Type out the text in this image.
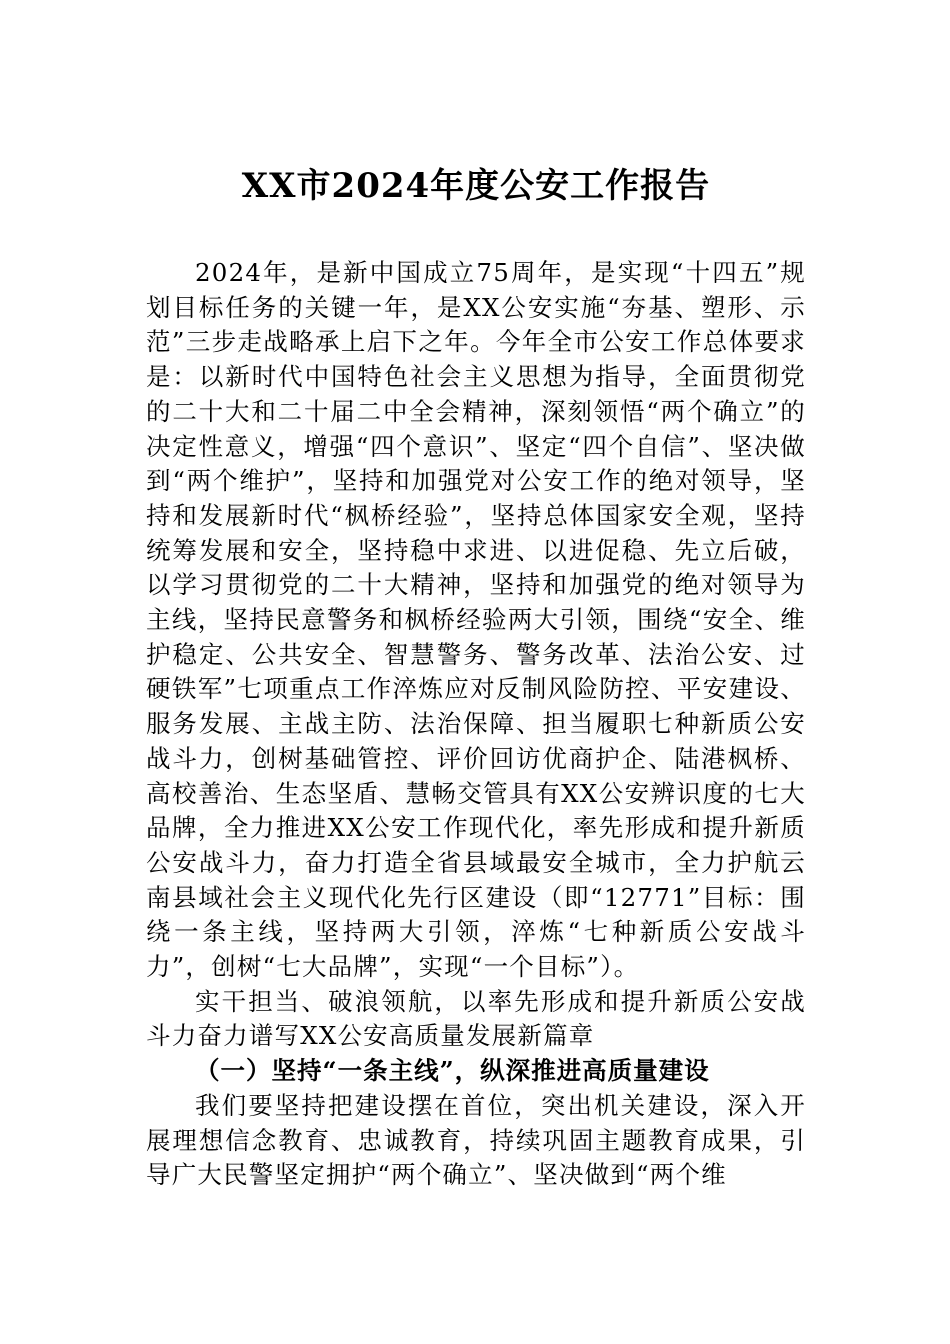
XX市2024年度公安工作报告

2024年，是新中国成立75周年，是实现“十四五”规划目标任务的关键一年，是XX公安实施“夯基、塑形、示范”三步走战略承上启下之年。今年全市公安工作总体要求是：以新时代中国特色社会主义思想为指导，全面贯彻党的二十大和二十届二中全会精神，深刻领悟“两个确立”的决定性意义，增强“四个意识”、坚定“四个自信”、坚决做到“两个维护”，坚持和加强党对公安工作的绝对领导，坚持和发展新时代“枫桥经验”，坚持总体国家安全观，坚持统筹发展和安全，坚持稳中求进、以进促稳、先立后破，以学习贯彻党的二十大精神，坚持和加强党的绝对领导为主线，坚持民意警务和枫桥经验两大引领，围绕“安全、维护稳定、公共安全、智慧警务、警务改革、法治公安、过硬铁军”七项重点工作淬炼应对反制风险防控、平安建设、服务发展、主战主防、法治保障、担当履职七种新质公安战斗力，创树基础管控、评价回访优商护企、陆港枫桥、高校善治、生态坚盾、慧畅交管具有XX公安辨识度的七大品牌，全力推进XX公安工作现代化，率先形成和提升新质公安战斗力，奋力打造全省县域最安全城市，全力护航云南县域社会主义现代化先行区建设（即“12771”目标：围绕一条主线，坚持两大引领，淬炼“七种新质公安战斗力”，创树“七大品牌”，实现“一个目标”）。

实干担当、破浪领航，以率先形成和提升新质公安战斗力奋力谱写XX公安高质量发展新篇章

（一）坚持“一条主线”，纵深推进高质量建设

我们要坚持把建设摆在首位，突出机关建设，深入开展理想信念教育、忠诚教育，持续巩固主题教育成果，引导广大民警坚定拥护“两个确立”、坚决做到“两个维
